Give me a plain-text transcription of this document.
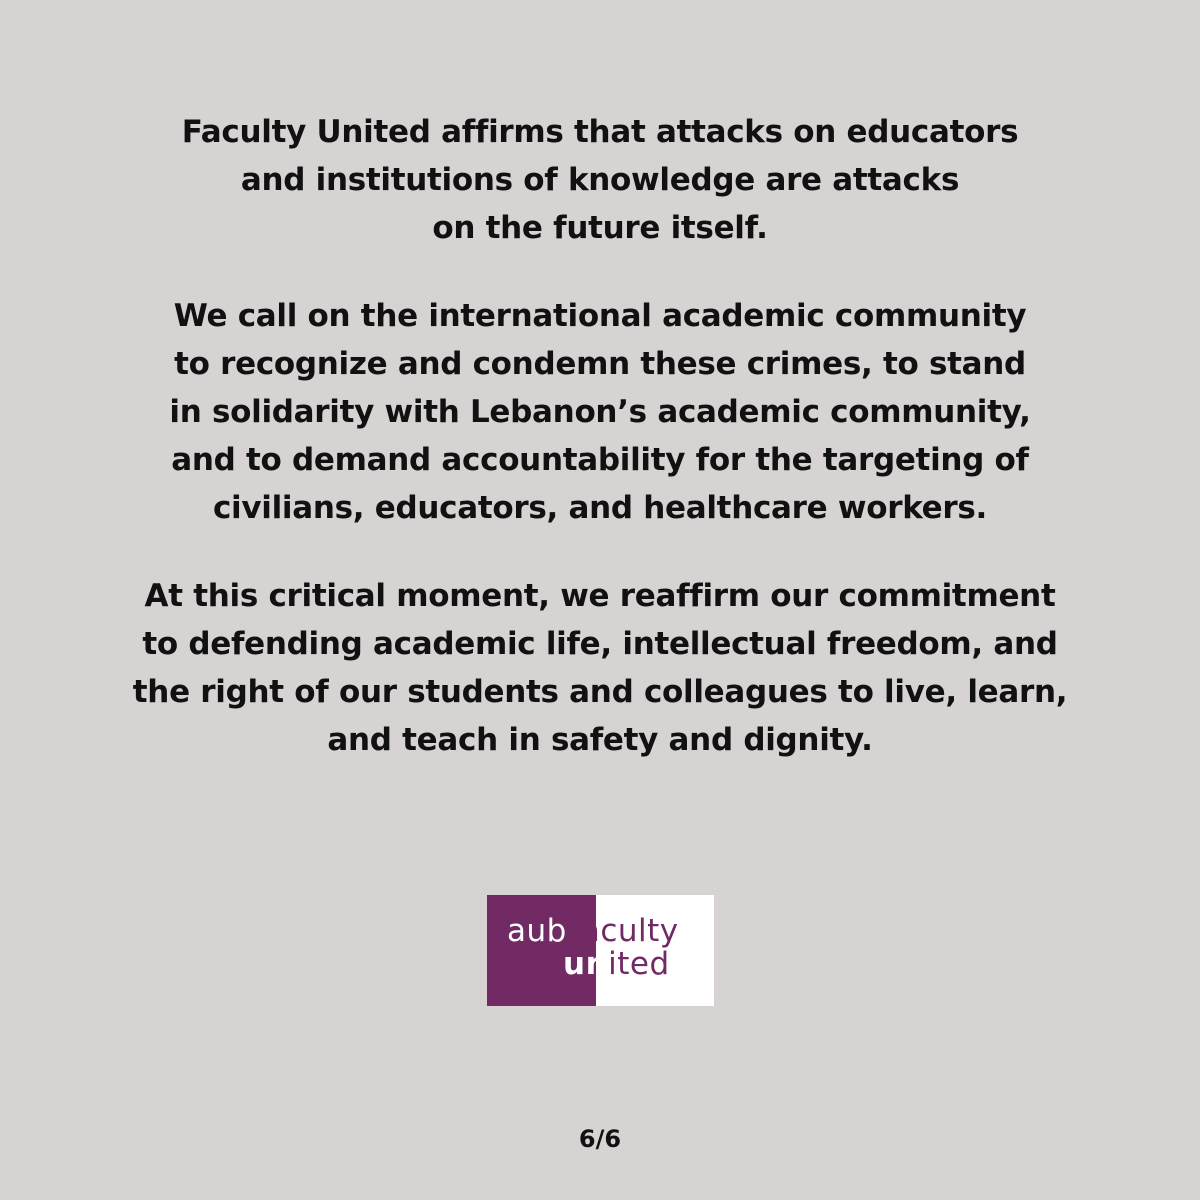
Faculty United affirms that attacks on educators
and institutions of knowledge are attacks
on the future itself.
We call on the international academic community
to recognize and condemn these crimes, to stand
in solidarity with Lebanon’s academic community,
and to demand accountability for the targeting of
civilians, educators, and healthcare workers.
At this critical moment, we reaffirm our commitment
to defending academic life, intellectual freedom, and
the right of our students and colleagues to live, learn,
and teach in safety and dignity.
aubfaculty
united
6/6
